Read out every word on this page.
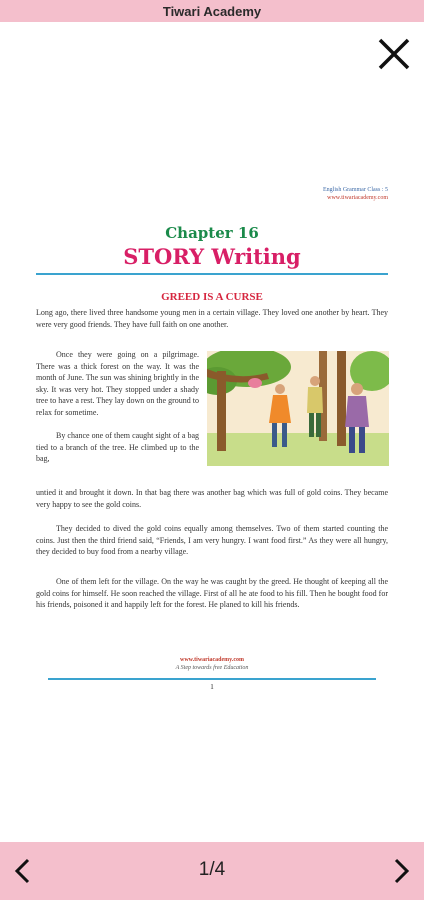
Tiwari Academy
English Grammar Class : 5
www.tiwariacademy.com
Chapter 16
STORY Writing
GREED IS A CURSE
Long ago, there lived three handsome young men in a certain village. They loved one another by heart. They were very good friends. They have full faith on one another.
Once they were going on a pilgrimage. There was a thick forest on the way. It was the month of June. The sun was shining brightly in the sky. It was very hot. They stopped under a shady tree to have a rest. They lay down on the ground to relax for sometime.
By chance one of them caught sight of a bag tied to a branch of the tree. He climbed up to the bag,
untied it and brought it down. In that bag there was another bag which was full of gold coins. They became very happy to see the gold coins.
They decided to dived the gold coins equally among themselves. Two of them started counting the coins. Just then the third friend said, “Friends, I am very hungry. I want food first.” As they were all hungry, they decided to buy food from a nearby village.
One of them left for the village. On the way he was caught by the greed. He thought of keeping all the gold coins for himself. He soon reached the village. First of all he ate food to his fill. Then he bought food for his friends, poisoned it and happily left for the forest. He planed to kill his friends.
www.tiwariacademy.com
A Step towards free Education
1
1/4
